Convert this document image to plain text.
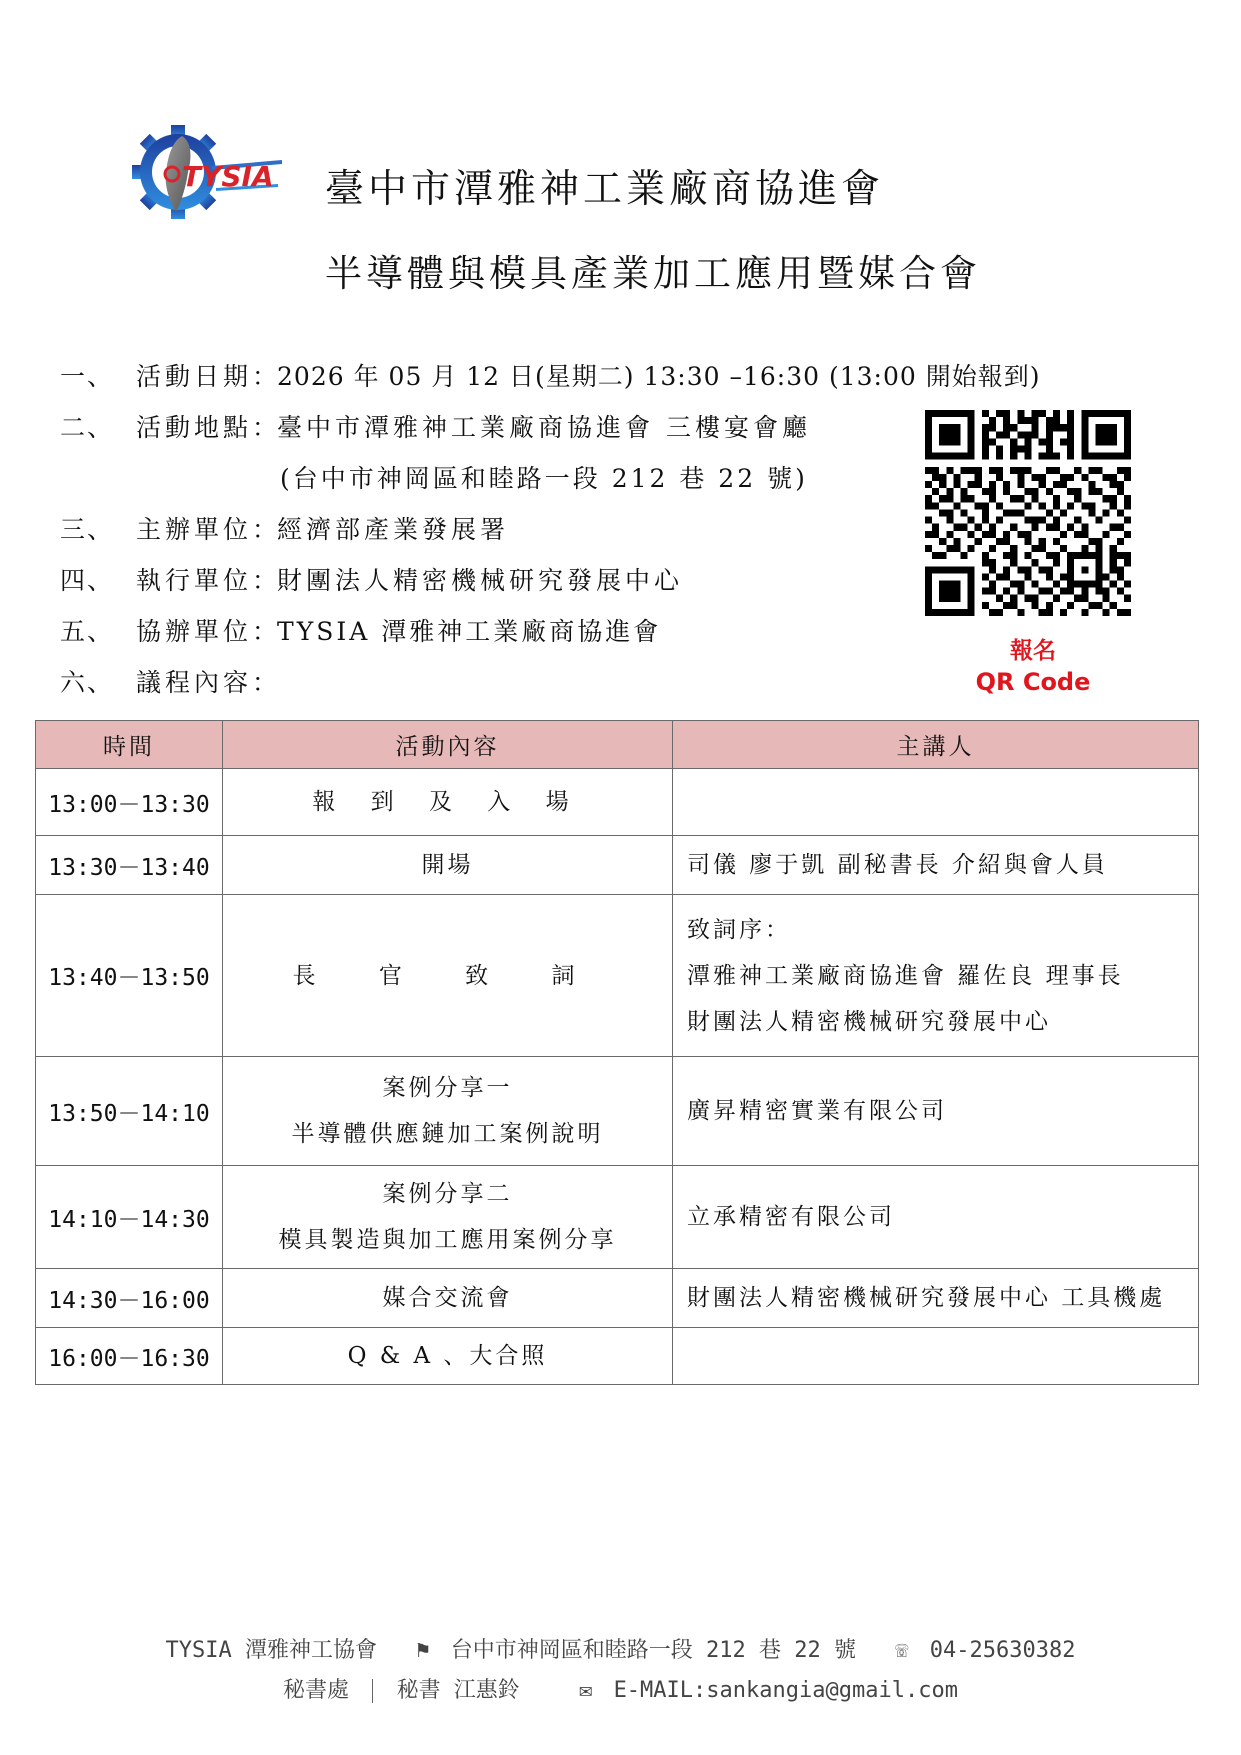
TYSIA 臺中市潭雅神工業廠商協進會
半導體與模具產業加工應用暨媒合會
一、 活動日期 ： 2026 年 05 月 12 日(星期二) 13:30 –16:30 (13:00 開始報到)
二、 活動地點 ： 臺中市潭雅神工業廠商協進會 三樓宴會廳
(台中市神岡區和睦路一段 212 巷 22 號)
三、 主辦單位 ： 經濟部產業發展署
四、 執行單位 ： 財團法人精密機械研究發展中心
五、 協辦單位 ： TYSIA 潭雅神工業廠商協進會
六、 議程內容 ：
報名
QR Code
時間	活動內容	主講人
13:00－13:30	報 到 及 入 場	
13:30－13:40	開場	司儀 廖于凱 副秘書長 介紹與會人員
13:40－13:50	長 官 致 詞	致詞序：
潭雅神工業廠商協進會 羅佐良 理事長
財團法人精密機械研究發展中心

13:50－14:10	案例分享一
半導體供應鏈加工案例說明	廣昇精密實業有限公司
14:10－14:30	案例分享二
模具製造與加工應用案例分享	立承精密有限公司
14:30－16:00	媒合交流會	財團法人精密機械研究發展中心 工具機處
16:00－16:30	Q & A 、大合照	
TYSIA 潭雅神工協會 ⚑ 台中市神岡區和睦路一段 212 巷 22 號 ☏ 04-25630382
秘書處 秘書 江惠鈴	✉ E-MAIL:sankangia@gmail.com
